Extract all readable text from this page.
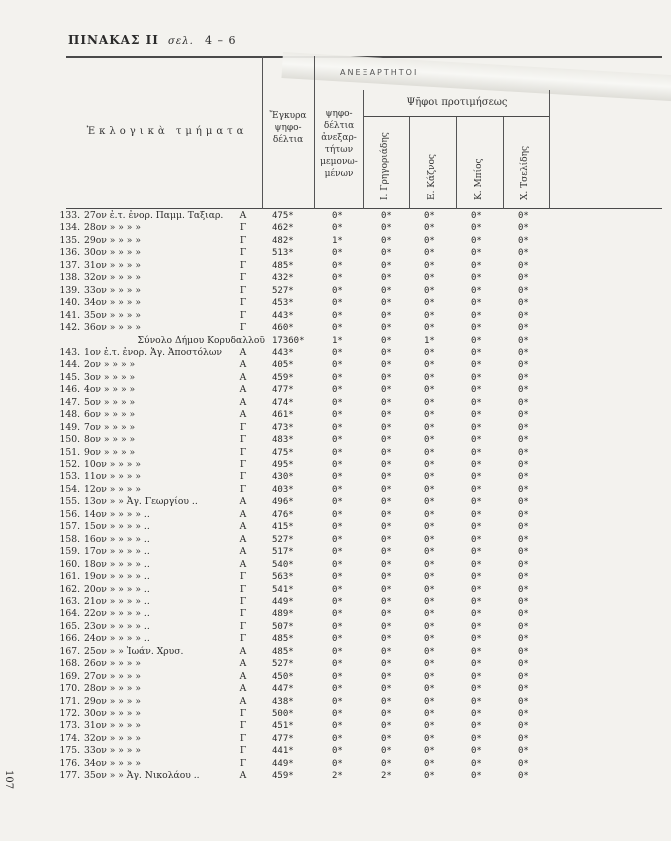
ΠΙΝΑΚΑΣ ΙΙ σελ. 4 – 6
ΑΝΕΞΑΡΤΗΤΟΙ
Ἐκλογικὰ τμήματα
Ἔγκυρα ψηφο-δέλτια
ψηφο-δέλτια ἀνεξαρ-τήτων μεμονω-μένων
Ψῆφοι προτιμήσεως
Ι. Γρηγοριάδης	Ε. Κάζνος	Κ. Μπίος	Χ. Τσελίδης
133. 27ον ἐ.τ. ἐνορ. Παμμ. Ταξιαρ.	Α	475*	0*	0*	0*	0*	0*
134. 28ον » » » »	Γ	462*	0*	0*	0*	0*	0*
135. 29ον » » » »	Γ	482*	1*	0*	0*	0*	0*
136. 30ον » » » »	Γ	513*	0*	0*	0*	0*	0*
137. 31ον » » » »	Γ	485*	0*	0*	0*	0*	0*
138. 32ον » » » »	Γ	432*	0*	0*	0*	0*	0*
139. 33ον » » » »	Γ	527*	0*	0*	0*	0*	0*
140. 34ον » » » »	Γ	453*	0*	0*	0*	0*	0*
141. 35ον » » » »	Γ	443*	0*	0*	0*	0*	0*
142. 36ον » » » »	Γ	460*	0*	0*	0*	0*	0*
Σύνολο Δήμου Κορυδαλλοῦ 17360*	1*	0*	1*	0*	0*
143. 1ον ἐ.τ. ἐνορ. Ἁγ. Ἀποστόλων	Α	443*	0*	0*	0*	0*	0*
144. 2ον » » » »	Α	405*	0*	0*	0*	0*	0*
145. 3ον » » » »	Α	459*	0*	0*	0*	0*	0*
146. 4ον » » » »	Α	477*	0*	0*	0*	0*	0*
147. 5ον » » » »	Α	474*	0*	0*	0*	0*	0*
148. 6ον » » » »	Α	461*	0*	0*	0*	0*	0*
149. 7ον » » » »	Γ	473*	0*	0*	0*	0*	0*
150. 8ον » » » »	Γ	483*	0*	0*	0*	0*	0*
151. 9ον » » » »	Γ	475*	0*	0*	0*	0*	0*
152. 10ον » » » »	Γ	495*	0*	0*	0*	0*	0*
153. 11ον » » » »	Γ	430*	0*	0*	0*	0*	0*
154. 12ον » » » »	Γ	403*	0*	0*	0*	0*	0*
155. 13ον » » Ἁγ. Γεωργίου ..	Α	496*	0*	0*	0*	0*	0*
156. 14ον » » » » ..	Α	476*	0*	0*	0*	0*	0*
157. 15ον » » » » ..	Α	415*	0*	0*	0*	0*	0*
158. 16ον » » » » ..	Α	527*	0*	0*	0*	0*	0*
159. 17ον » » » » ..	Α	517*	0*	0*	0*	0*	0*
160. 18ον » » » » ..	Α	540*	0*	0*	0*	0*	0*
161. 19ον » » » » ..	Γ	563*	0*	0*	0*	0*	0*
162. 20ον » » » » ..	Γ	541*	0*	0*	0*	0*	0*
163. 21ον » » » » ..	Γ	449*	0*	0*	0*	0*	0*
164. 22ον » » » » ..	Γ	489*	0*	0*	0*	0*	0*
165. 23ον » » » » ..	Γ	507*	0*	0*	0*	0*	0*
166. 24ον » » » » ..	Γ	485*	0*	0*	0*	0*	0*
167. 25ον » » Ἰωάν. Χρυσ.	Α	485*	0*	0*	0*	0*	0*
168. 26ον » » » »	Α	527*	0*	0*	0*	0*	0*
169. 27ον » » » »	Α	450*	0*	0*	0*	0*	0*
170. 28ον » » » »	Α	447*	0*	0*	0*	0*	0*
171. 29ον » » » »	Α	438*	0*	0*	0*	0*	0*
172. 30ον » » » »	Γ	500*	0*	0*	0*	0*	0*
173. 31ον » » » »	Γ	451*	0*	0*	0*	0*	0*
174. 32ον » » » »	Γ	477*	0*	0*	0*	0*	0*
175. 33ον » » » »	Γ	441*	0*	0*	0*	0*	0*
176. 34ον » » » »	Γ	449*	0*	0*	0*	0*	0*
177. 35ον » » Ἁγ. Νικολάου ..	Α	459*	2*	2*	0*	0*	0*
107
